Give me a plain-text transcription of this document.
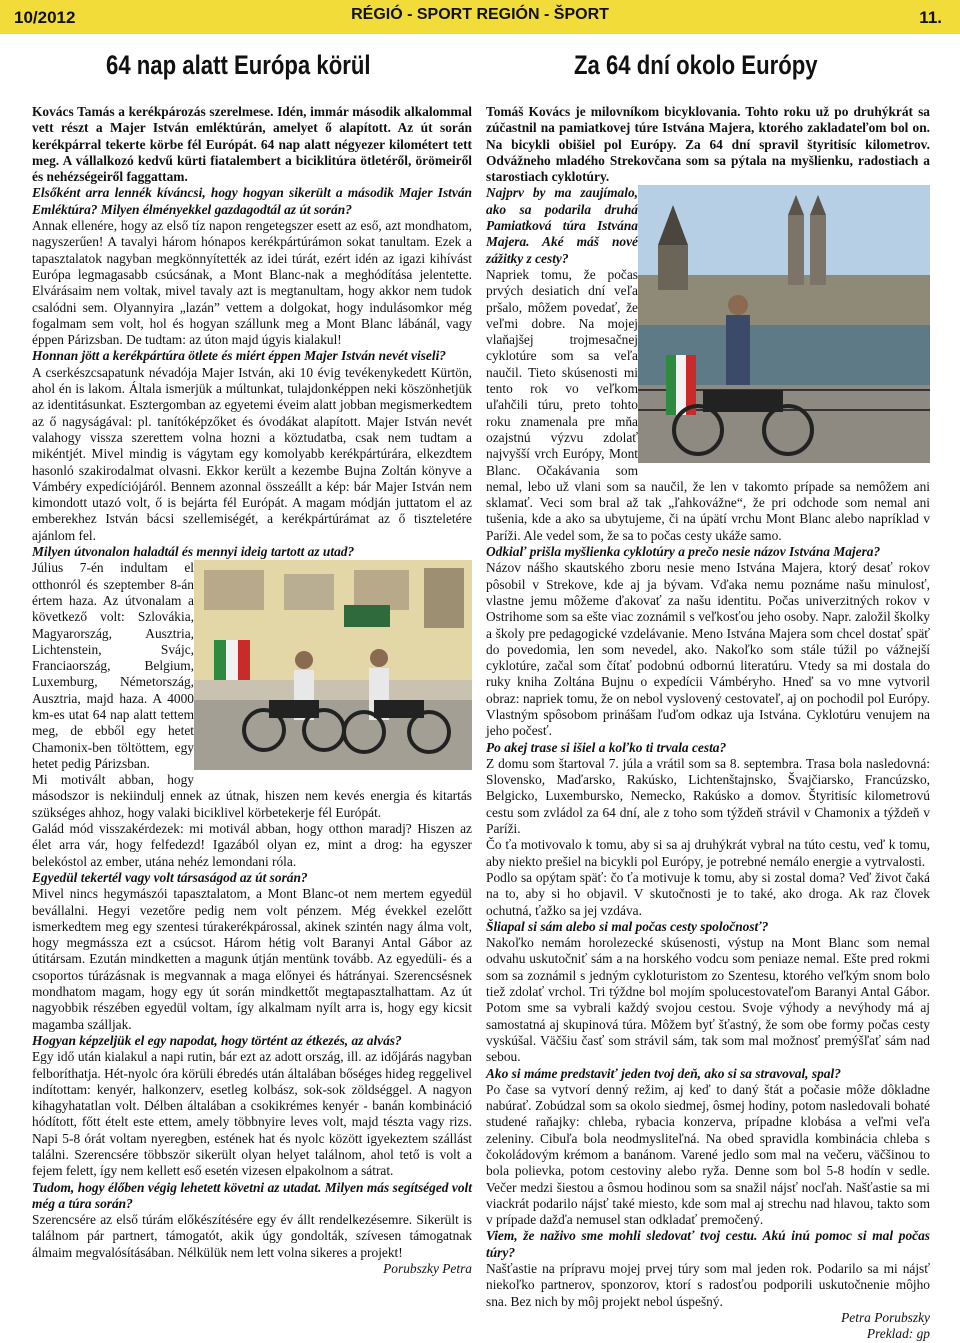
10/2012	RÉGIÓ - SPORT REGIÓN - ŠPORT	11.
64 nap alatt Európa körül	Za 64 dní okolo Európy

Kovács Tamás a kerékpározás szerelmese. Idén, immár második alkalommal vett részt a Majer István emléktúrán, amelyet ő alapított. Az út során kerékpárral tekerte körbe fél Európát. 64 nap alatt négyezer kilométert tett meg. A vállalkozó kedvű kürti fiatalembert a biciklitúra ötletéről, örömeiről és nehézségeiről faggattam.

Elsőként arra lennék kíváncsi, hogy hogyan sikerült a második Majer István Emléktúra? Milyen élményekkel gazdagodtál az út során?

Annak ellenére, hogy az első tíz napon rengetegszer esett az eső, azt mondhatom, nagyszerűen! A tavalyi három hónapos kerékpártúrámon sokat tanultam. Ezek a tapasztalatok nagyban megkönnyítették az idei túrát, ezért idén az igazi kihívást Európa legmagasabb csúcsának, a Mont Blanc-nak a meghódítása jelentette. Elvárásaim nem voltak, mivel tavaly azt is megtanultam, hogy akkor nem tudok csalódni sem. Olyannyira „lazán” vettem a dolgokat, hogy indulásomkor még fogalmam sem volt, hol és hogyan szállunk meg a Mont Blanc lábánál, vagy éppen Párizsban. De tudtam: az úton majd úgyis kialakul!

Honnan jött a kerékpártúra ötlete és miért éppen Majer István nevét viseli?

A cserkészcsapatunk névadója Majer István, aki 10 évig tevékenykedett Kürtön, ahol én is lakom. Általa ismerjük a múltunkat, tulajdonképpen neki köszönhetjük az identitásunkat. Esztergomban az egyetemi éveim alatt jobban megismerkedtem az ő nagyságával: pl. tanítóképzőket és óvodákat alapított. Majer István nevét valahogy vissza szerettem volna hozni a köztudatba, csak nem tudtam a mikéntjét. Mivel mindig is vágytam egy komolyabb kerékpártúrára, elkezdtem hasonló szakirodalmat olvasni. Ekkor került a kezembe Bujna Zoltán könyve a Vámbéry expedíciójáról. Bennem azonnal összeállt a kép: bár Majer István nem kimondott utazó volt, ő is bejárta fél Európát. A magam módján juttatom el az emberekhez István bácsi szellemiségét, a kerékpártúrámat az ő tiszteletére ajánlom fel.

Milyen útvonalon haladtál és mennyi ideig tartott az utad?

Július 7-én indultam el otthonról és szeptember 8-án értem haza. Az útvonalam a következő volt: Szlovákia, Magyarország, Ausztria, Lichtenstein, Svájc, Franciaország, Belgium, Luxemburg, Németország, Ausztria, majd haza. A 4000 km-es utat 64 nap alatt tettem meg, de ebből egy hetet Chamonix-ben töltöttem, egy hetet pedig Párizsban.

Mi motivált abban, hogy másodszor is nekiindulj ennek az útnak, hiszen nem kevés energia és kitartás szükséges ahhoz, hogy valaki biciklivel körbetekerje fél Európát.

Galád mód visszakérdezek: mi motivál abban, hogy otthon maradj? Hiszen az élet arra vár, hogy felfedezd! Igazából olyan ez, mint a drog: ha egyszer belekóstol az ember, utána nehéz lemondani róla.

Egyedül tekertél vagy volt társaságod az út során?

Mivel nincs hegymászói tapasztalatom, a Mont Blanc-ot nem mertem egyedül bevállalni. Hegyi vezetőre pedig nem volt pénzem. Még évekkel ezelőtt ismerkedtem meg egy szentesi túrakerékpárossal, akinek szintén nagy álma volt, hogy megmássza ezt a csúcsot. Három hétig volt Baranyi Antal Gábor az útitársam. Ezután mindketten a magunk útján mentünk tovább. Az egyedüli- és a csoportos túrázásnak is megvannak a maga előnyei és hátrányai. Szerencsésnek mondhatom magam, hogy egy út során mindkettőt megtapasztalhattam. Az út nagyobbik részében egyedül voltam, így alkalmam nyílt arra is, hogy egy kicsit magamba szálljak.

Hogyan képzeljük el egy napodat, hogy történt az étkezés, az alvás?

Egy idő után kialakul a napi rutin, bár ezt az adott ország, ill. az időjárás nagyban felboríthatja. Hét-nyolc óra körüli ébredés után általában bőséges hideg reggelivel indítottam: kenyér, halkonzerv, esetleg kolbász, sok-sok zöldséggel. A nagyon kihagyhatatlan volt. Délben általában a csokikrémes kenyér - banán kombináció hódított, főtt ételt este ettem, amely többnyire leves volt, majd tészta vagy rizs. Napi 5-8 órát voltam nyeregben, estének hat és nyolc között igyekeztem szállást találni. Szerencsére többször sikerült olyan helyet találnom, ahol tető is volt a fejem felett, így nem kellett eső esetén vizesen elpakolnom a sátrat.

Tudom, hogy élőben végig lehetett követni az utadat. Milyen más segítséged volt még a túra során?

Szerencsére az első túrám előkészítésére egy év állt rendelkezésemre. Sikerült is találnom pár partnert, támogatót, akik úgy gondolták, szívesen támogatnak álmaim megvalósításában. Nélkülük nem lett volna sikeres a projekt!

Porubszky Petra

Tomáš Kovács je milovníkom bicyklovania. Tohto roku už po druhýkrát sa zúčastnil na pamiatkovej túre Istvána Majera, ktorého zakladateľom bol on. Na bicykli obišiel pol Európy. Za 64 dní spravil štyritisíc kilometrov. Odvážneho mladého Strekovčana som sa pýtala na myšlienku, radostiach a starostiach cyklotúry.

Najprv by ma zaujímalo, ako sa podarila druhá Pamiatková túra Istvána Majera. Aké máš nové zážitky z cesty?

Napriek tomu, že počas prvých desiatich dní veľa pršalo, môžem povedať, že veľmi dobre. Na mojej vlaňajšej trojmesačnej cyklotúre som sa veľa naučil. Tieto skúsenosti mi tento rok vo veľkom uľahčili túru, preto tohto roku znamenala pre mňa ozajstnú výzvu zdolať najvyšší vrch Európy, Mont Blanc. Očakávania som nemal, lebo už vlani som sa naučil, že len v takomto prípade sa nemôžem ani sklamať. Veci som bral až tak „ľahkovážne“, že pri odchode som nemal ani tušenia, kde a ako sa ubytujeme, či na úpätí vrchu Mont Blanc alebo napríklad v Paríži. Ale vedel som, že sa to počas cesty ukáže samo.

Odkiaľ prišla myšlienka cyklotúry a prečo nesie názov Istvána Majera?

Názov nášho skautského zboru nesie meno Istvána Majera, ktorý desať rokov pôsobil v Strekove, kde aj ja bývam. Vďaka nemu poznáme našu minulosť, vlastne jemu môžeme ďakovať za našu identitu. Počas univerzitných rokov v Ostrihome som sa ešte viac zoznámil s veľkosťou jeho osoby. Napr. založil školky a školy pre pedagogické vzdelávanie. Meno Istvána Majera som chcel dostať späť do povedomia, len som nevedel, ako. Nakoľko som stále túžil po vážnejší cyklotúre, začal som čítať podobnú odbornú literatúru. Vtedy sa mi dostala do ruky kniha Zoltána Bujnu o expedícii Vámbéryho. Hneď sa vo mne vytvoril obraz: napriek tomu, že on nebol vyslovený cestovateľ, aj on pochodil pol Európy. Vlastným spôsobom prinášam ľuďom odkaz uja Istvána. Cyklotúru venujem na jeho počesť.

Po akej trase si išiel a koľko ti trvala cesta?

Z domu som štartoval 7. júla a vrátil som sa 8. septembra. Trasa bola nasledovná: Slovensko, Maďarsko, Rakúsko, Lichtenštajnsko, Švajčiarsko, Francúzsko, Belgicko, Luxembursko, Nemecko, Rakúsko a domov. Štyritisíc kilometrovú cestu som zvládol za 64 dní, ale z toho som týždeň strávil v Chamonix a týždeň v Paríži.

Čo ťa motivovalo k tomu, aby si sa aj druhýkrát vybral na túto cestu, veď k tomu, aby niekto prešiel na bicykli pol Európy, je potrebné nemálo energie a vytrvalosti.

Podlo sa opýtam späť: čo ťa motivuje k tomu, aby si zostal doma? Veď život čaká na to, aby si ho objavil. V skutočnosti je to také, ako droga. Ak raz človek ochutná, ťažko sa jej vzdáva.

Šliapal si sám alebo si mal počas cesty spoločnosť?

Nakoľko nemám horolezecké skúsenosti, výstup na Mont Blanc som nemal odvahu uskutočniť sám a na horského vodcu som peniaze nemal. Ešte pred rokmi som sa zoznámil s jedným cykloturistom zo Szentesu, ktorého veľkým snom bolo tiež zdolať vrchol. Tri týždne bol mojím spolucestovateľom Baranyi Antal Gábor. Potom sme sa vybrali každý svojou cestou. Svoje výhody a nevýhody má aj samostatná aj skupinová túra. Môžem byť šťastný, že som obe formy počas cesty vyskúšal. Väčšiu časť som strávil sám, tak som mal možnosť premýšľať sám nad sebou.

Ako si máme predstaviť jeden tvoj deň, ako si sa stravoval, spal?

Po čase sa vytvorí denný režim, aj keď to daný štát a počasie môže dôkladne nabúrať. Zobúdzal som sa okolo siedmej, ôsmej hodiny, potom nasledovali bohaté studené raňajky: chleba, rybacia konzerva, prípadne klobása a veľmi veľa zeleniny. Cibuľa bola neodmysliteľná. Na obed spravidla kombinácia chleba s čokoládovým krémom a banánom. Varené jedlo som mal na večeru, väčšinou to bola polievka, potom cestoviny alebo ryža. Denne som bol 5-8 hodín v sedle. Večer medzi šiestou a ôsmou hodinou som sa snažil nájsť nocľah. Našťastie sa mi viackrát podarilo nájsť také miesto, kde som mal aj strechu nad hlavou, takto som v prípade dažďa nemusel stan odkladať premočený.

Viem, že naživo sme mohli sledovať tvoj cestu. Akú inú pomoc si mal počas túry?

Našťastie na prípravu mojej prvej túry som mal jeden rok. Podarilo sa mi nájsť niekoľko partnerov, sponzorov, ktorí s radosťou podporili uskutočnenie môjho sna. Bez nich by môj projekt nebol úspešný.

Petra Porubszky

Preklad: gp
